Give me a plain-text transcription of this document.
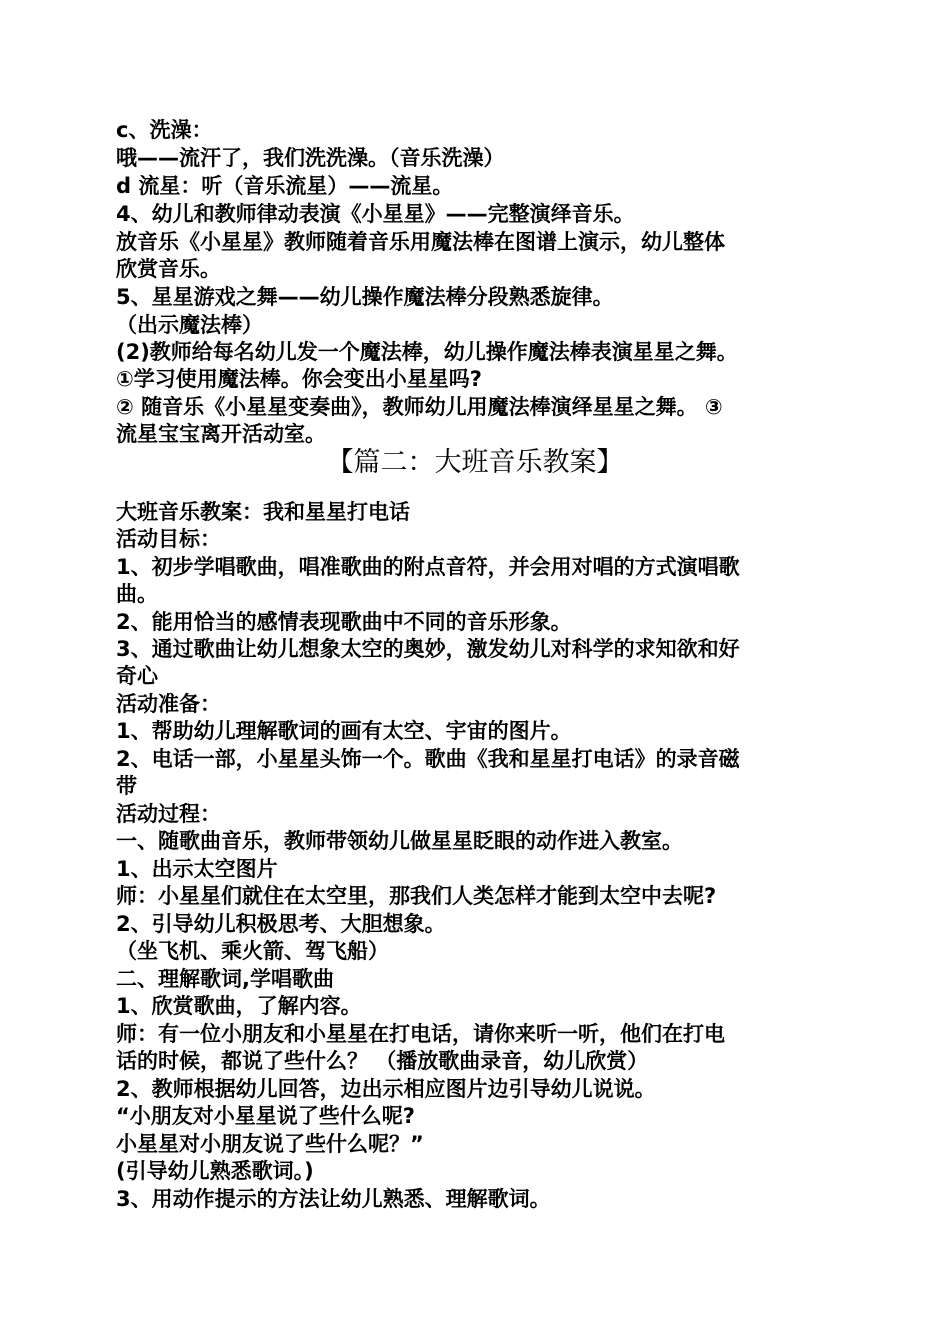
c、洗澡：
哦——流汗了，我们洗洗澡。（音乐洗澡）
d 流星：听（音乐流星）——流星。
4、幼儿和教师律动表演《小星星》——完整演绎音乐。
放音乐《小星星》教师随着音乐用魔法棒在图谱上演示，幼儿整体
欣赏音乐。
5、星星游戏之舞——幼儿操作魔法棒分段熟悉旋律。
（出示魔法棒）
(2)教师给每名幼儿发一个魔法棒，幼儿操作魔法棒表演星星之舞。
①学习使用魔法棒。你会变出小星星吗?
② 随音乐《小星星变奏曲》，教师幼儿用魔法棒演绎星星之舞。 ③
流星宝宝离开活动室。
【篇二：大班音乐教案】
大班音乐教案：我和星星打电话
活动目标：
1、初步学唱歌曲，唱准歌曲的附点音符，并会用对唱的方式演唱歌
曲。
2、能用恰当的感情表现歌曲中不同的音乐形象。
3、通过歌曲让幼儿想象太空的奥妙，激发幼儿对科学的求知欲和好
奇心
活动准备：
1、帮助幼儿理解歌词的画有太空、宇宙的图片。
2、电话一部，小星星头饰一个。歌曲《我和星星打电话》的录音磁
带
活动过程：
一、随歌曲音乐，教师带领幼儿做星星眨眼的动作进入教室。
1、出示太空图片
师：小星星们就住在太空里，那我们人类怎样才能到太空中去呢?
2、引导幼儿积极思考、大胆想象。
（坐飞机、乘火箭、驾飞船）
二、理解歌词,学唱歌曲
1、欣赏歌曲，了解内容。
师：有一位小朋友和小星星在打电话，请你来听一听，他们在打电
话的时候，都说了些什么？ （播放歌曲录音，幼儿欣赏）
2、教师根据幼儿回答，边出示相应图片边引导幼儿说说。
“小朋友对小星星说了些什么呢?
小星星对小朋友说了些什么呢？”
(引导幼儿熟悉歌词。)
3、用动作提示的方法让幼儿熟悉、理解歌词。
